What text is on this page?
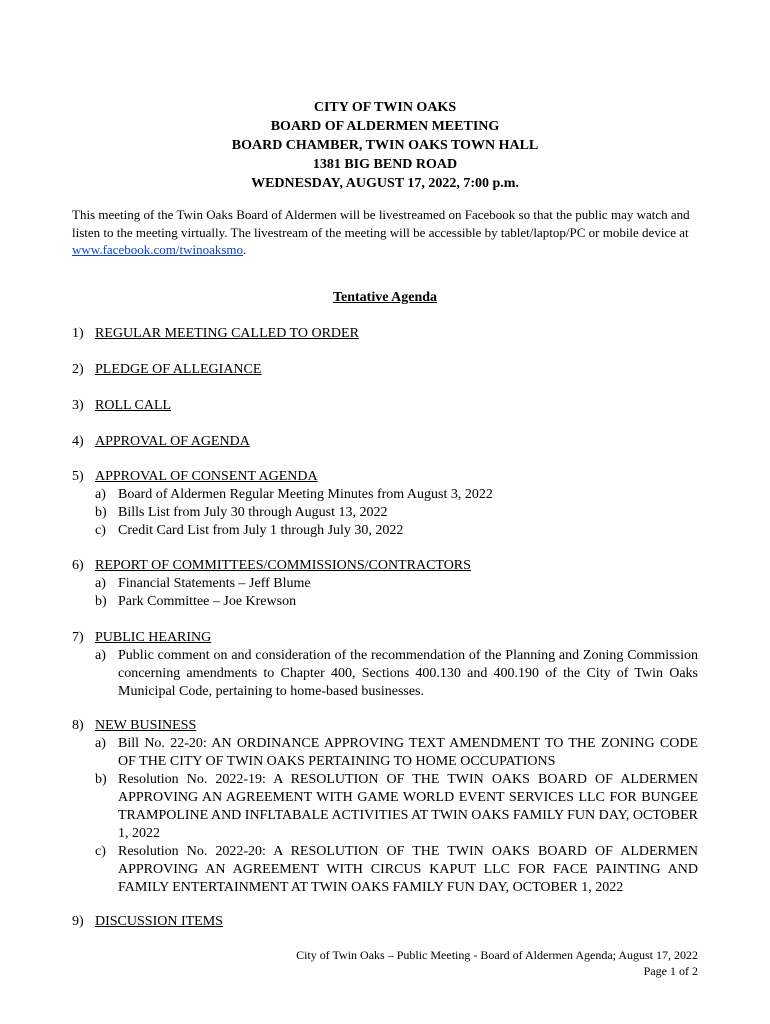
CITY OF TWIN OAKS
BOARD OF ALDERMEN MEETING
BOARD CHAMBER, TWIN OAKS TOWN HALL
1381 BIG BEND ROAD
WEDNESDAY, AUGUST 17, 2022, 7:00 p.m.
This meeting of the Twin Oaks Board of Aldermen will be livestreamed on Facebook so that the public may watch and listen to the meeting virtually. The livestream of the meeting will be accessible by tablet/laptop/PC or mobile device at www.facebook.com/twinoaksmo.
Tentative Agenda
1) REGULAR MEETING CALLED TO ORDER
2) PLEDGE OF ALLEGIANCE
3) ROLL CALL
4) APPROVAL OF AGENDA
5) APPROVAL OF CONSENT AGENDA
a) Board of Aldermen Regular Meeting Minutes from August 3, 2022
b) Bills List from July 30 through August 13, 2022
c) Credit Card List from July 1 through July 30, 2022
6) REPORT OF COMMITTEES/COMMISSIONS/CONTRACTORS
a) Financial Statements – Jeff Blume
b) Park Committee – Joe Krewson
7) PUBLIC HEARING
a) Public comment on and consideration of the recommendation of the Planning and Zoning Commission concerning amendments to Chapter 400, Sections 400.130 and 400.190 of the City of Twin Oaks Municipal Code, pertaining to home-based businesses.
8) NEW BUSINESS
a) Bill No. 22-20: AN ORDINANCE APPROVING TEXT AMENDMENT TO THE ZONING CODE OF THE CITY OF TWIN OAKS PERTAINING TO HOME OCCUPATIONS
b) Resolution No. 2022-19: A RESOLUTION OF THE TWIN OAKS BOARD OF ALDERMEN APPROVING AN AGREEMENT WITH GAME WORLD EVENT SERVICES LLC FOR BUNGEE TRAMPOLINE AND INFLTABALE ACTIVITIES AT TWIN OAKS FAMILY FUN DAY, OCTOBER 1, 2022
c) Resolution No. 2022-20: A RESOLUTION OF THE TWIN OAKS BOARD OF ALDERMEN APPROVING AN AGREEMENT WITH CIRCUS KAPUT LLC FOR FACE PAINTING AND FAMILY ENTERTAINMENT AT TWIN OAKS FAMILY FUN DAY, OCTOBER 1, 2022
9) DISCUSSION ITEMS
City of Twin Oaks – Public Meeting - Board of Aldermen Agenda; August 17, 2022
Page 1 of 2
